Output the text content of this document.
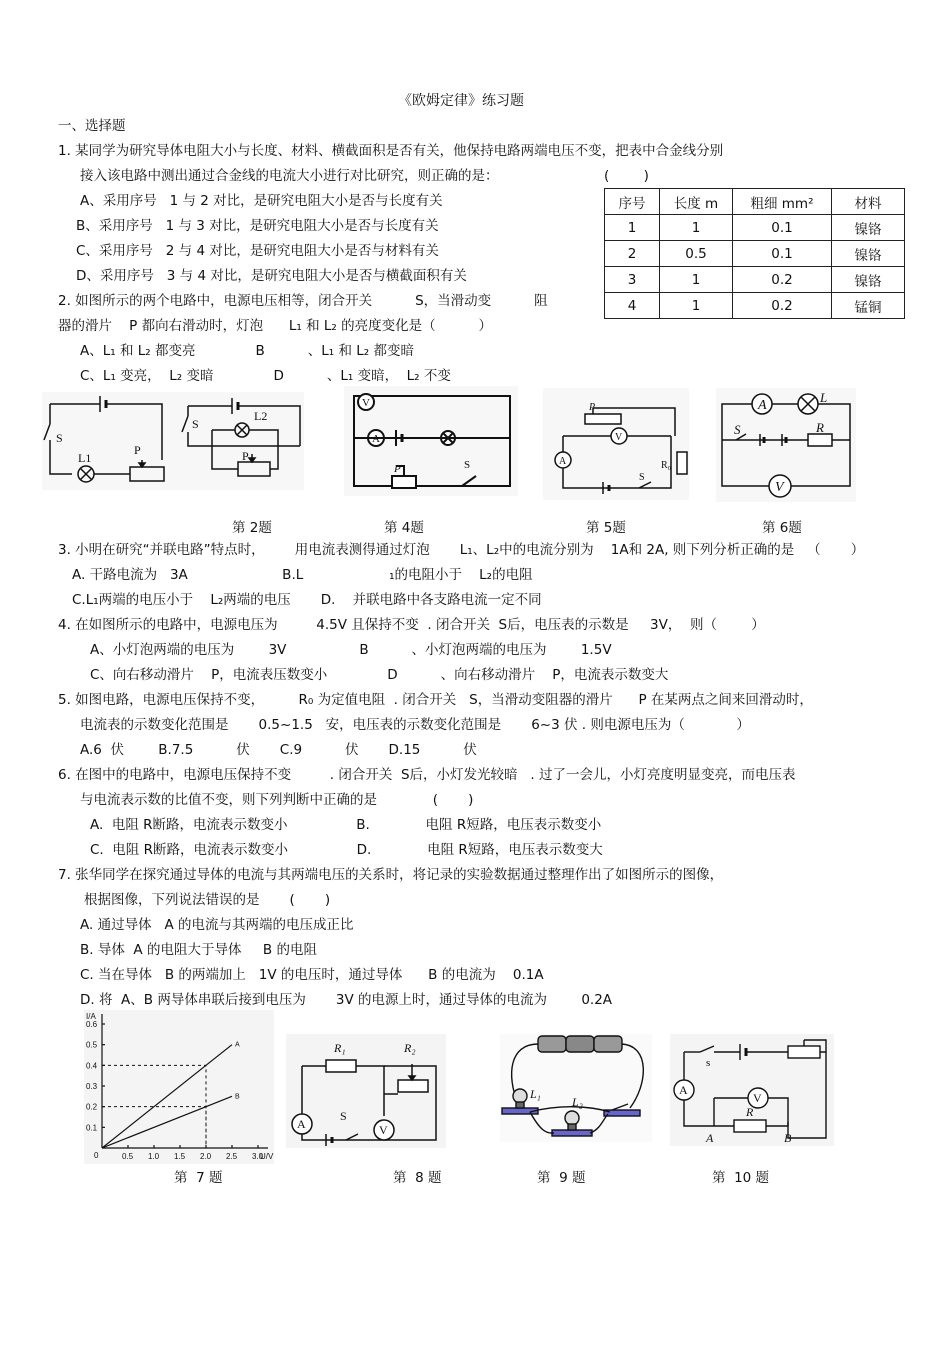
《欧姆定律》练习题
一、选择题
1. 某同学为研究导体电阻大小与长度、材料、横截面积是否有关，他保持电路两端电压不变，把表中合金线分别
接入该电路中测出通过合金线的电流大小进行对比研究，则正确的是：	(        )
A、采用序号   1 与 2 对比，是研究电阻大小是否与长度有关
B、采用序号   1 与 3 对比，是研究电阻大小是否与长度有关
C、采用序号   2 与 4 对比，是研究电阻大小是否与材料有关
D、采用序号   3 与 4 对比，是研究电阻大小是否与横截面积有关
序号	长度 m	粗细 mm²	材料
1	1	0.1	镍铬
2	0.5	0.1	镍铬
3	1	0.2	镍铬
4	1	0.2	锰铜
2. 如图所示的两个电路中，电源电压相等，闭合开关          S，当滑动变          阻
器的滑片    P 都向右滑动时，灯泡      L₁ 和 L₂ 的亮度变化是（          ）
A、L₁ 和 L₂ 都变亮              B          、L₁ 和 L₂ 都变暗
C、L₁ 变亮，  L₂ 变暗              D          、L₁ 变暗，  L₂ 不变
S
L1
P
S
L2
P
V
A
P	S
P
V
A
S
R₀
A
L
S	R
V
第 2题	第 4题	第 5题	第 6题
3. 小明在研究“并联电路”特点时，       用电流表测得通过灯泡       L₁、L₂中的电流分别为    1A和 2A, 则下列分析正确的是   （       ）
A. 干路电流为   3A                      B.L                    ₁的电阻小于    L₂的电阻
C.L₁两端的电压小于    L₂两端的电压       D.    并联电路中各支路电流一定不同
4. 在如图所示的电路中，电源电压为         4.5V 且保持不变  . 闭合开关  S后，电压表的示数是     3V，  则（        ）
A、小灯泡两端的电压为        3V                 B          、小灯泡两端的电压为        1.5V
C、向右移动滑片    P，电流表压数变小              D          、向右移动滑片    P，电流表示数变大
5. 如图电路，电源电压保持不变，        R₀ 为定值电阻  . 闭合开关   S，当滑动变阻器的滑片      P 在某两点之间来回滑动时，
电流表的示数变化范围是       0.5~1.5   安，电压表的示数变化范围是       6~3 伏 . 则电源电压为（            ）
A.6  伏        B.7.5          伏       C.9          伏       D.15          伏
6. 在图中的电路中，电源电压保持不变         . 闭合开关  S后，小灯发光较暗   . 过了一会儿，小灯亮度明显变亮，而电压表
与电流表示数的比值不变，则下列判断中正确的是             (       )
A.  电阻 R断路，电流表示数变小                B.             电阻 R短路，电压表示数变小
C.  电阻 R断路，电流表示数变小                D.             电阻 R短路，电压表示数变大
7. 张华同学在探究通过导体的电流与其两端电压的关系时，将记录的实验数据通过整理作出了如图所示的图像，
根据图像，下列说法错误的是       (       )
A. 通过导体   A 的电流与其两端的电压成正比
B. 导体  A 的电阻大于导体     B 的电阻
C. 当在导体   B 的两端加上   1V 的电压时，通过导体      B 的电流为    0.1A
D. 将  A、B 两导体串联后接到电压为       3V 的电源上时，通过导体的电流为        0.2A
0.5 1.0 1.5 2.0 2.5 3.0
0.1
0.2
0.3
0.4
0.5
0.6
0	U/V
I/A
A
B
R₁	R₂
A
S
V
L₁
L₂
s
A
V
R
A	B
第  7 题	第  8 题	第  9 题	第  10 题
